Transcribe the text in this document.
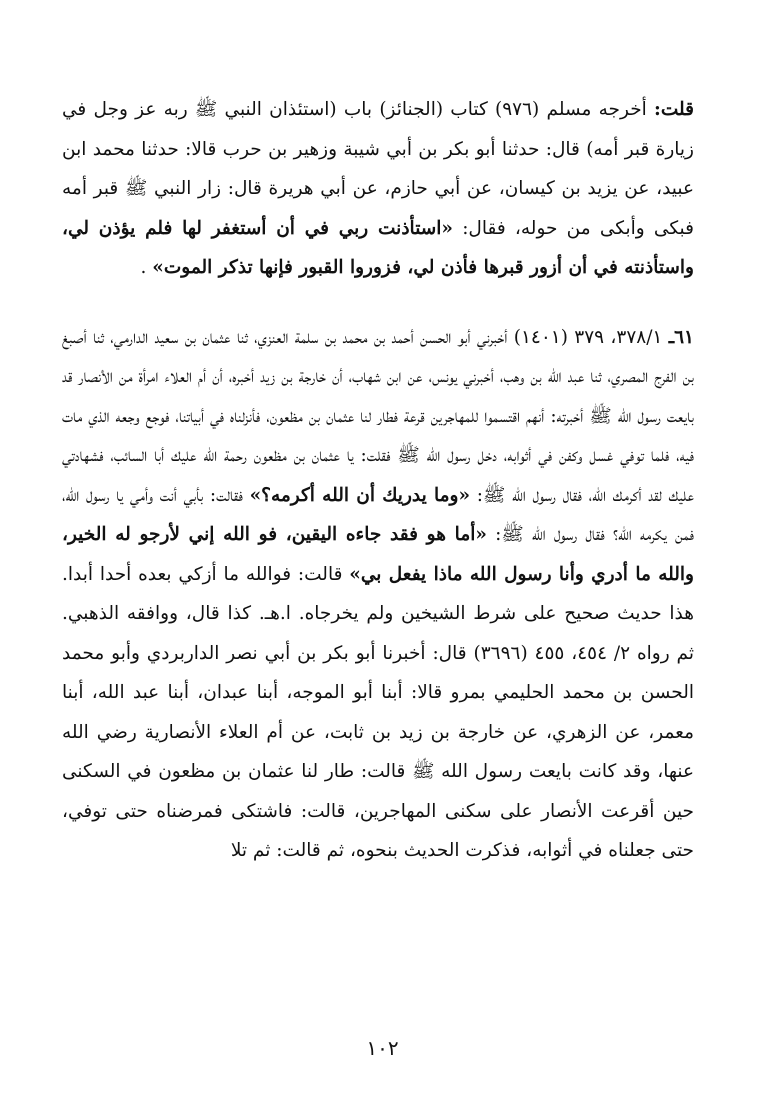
قلت: أخرجه مسلم (٩٧٦) كتاب (الجنائز) باب (استئذان النبي ﷺ ربه عز وجل في زيارة قبر أمه) قال: حدثنا أبو بكر بن أبي شيبة وزهير بن حرب قالا: حدثنا محمد ابن عبيد، عن يزيد بن كيسان، عن أبي حازم، عن أبي هريرة قال: زار النبي ﷺ قبر أمه فبكى وأبكى من حوله، فقال: «استأذنت ربي في أن أستغفر لها فلم يؤذن لي، واستأذنته في أن أزور قبرها فأذن لي، فزوروا القبور فإنها تذكر الموت» .

٦١ـ ٣٧٨/١، ٣٧٩ (١٤٠١) أخبرني أبو الحسن أحمد بن محمد بن سلمة العنزي، ثنا عثمان بن سعيد الدارمي، ثنا أصبغ بن الفرج المصري، ثنا عبد الله بن وهب، أخبرني يونس، عن ابن شهاب، أن خارجة بن زيد أخبره، أن أم العلاء امرأة من الأنصار قد بايعت رسول الله ﷺ أخبرته: أنهم اقتسموا للمهاجرين قرعة فطار لنا عثمان بن مظعون، فأنزلناه في أبياتنا، فوجع وجعه الذي مات فيه، فلما توفي غسل وكفن في أثوابه، دخل رسول الله ﷺ فقلت: يا عثمان بن مظعون رحمة الله عليك أبا السائب، فشهادتي عليك لقد أكرمك الله، فقال رسول الله ﷺ: «وما يدريك أن الله أكرمه؟» فقالت: بأبي أنت وأمي يا رسول الله، فمن يكرمه الله؟ فقال رسول الله ﷺ: «أما هو فقد جاءه اليقين، فو الله إني لأرجو له الخير، والله ما أدري وأنا رسول الله ماذا يفعل بي» قالت: فوالله ما أزكي بعده أحدا أبدا. هذا حديث صحيح على شرط الشيخين ولم يخرجاه. ا.هـ. كذا قال، ووافقه الذهبي. ثم رواه ٢/ ٤٥٤، ٤٥٥ (٣٦٩٦) قال: أخبرنا أبو بكر بن أبي نصر الداربردي وأبو محمد الحسن بن محمد الحليمي بمرو قالا: أبنا أبو الموجه، أبنا عبدان، أبنا عبد الله، أبنا معمر، عن الزهري، عن خارجة بن زيد بن ثابت، عن أم العلاء الأنصارية رضي الله عنها، وقد كانت بايعت رسول الله ﷺ قالت: طار لنا عثمان بن مظعون في السكنى حين أقرعت الأنصار على سكنى المهاجرين، قالت: فاشتكى فمرضناه حتى توفي، حتى جعلناه في أثوابه، فذكرت الحديث بنحوه، ثم قالت: ثم تلا

١٠٢
